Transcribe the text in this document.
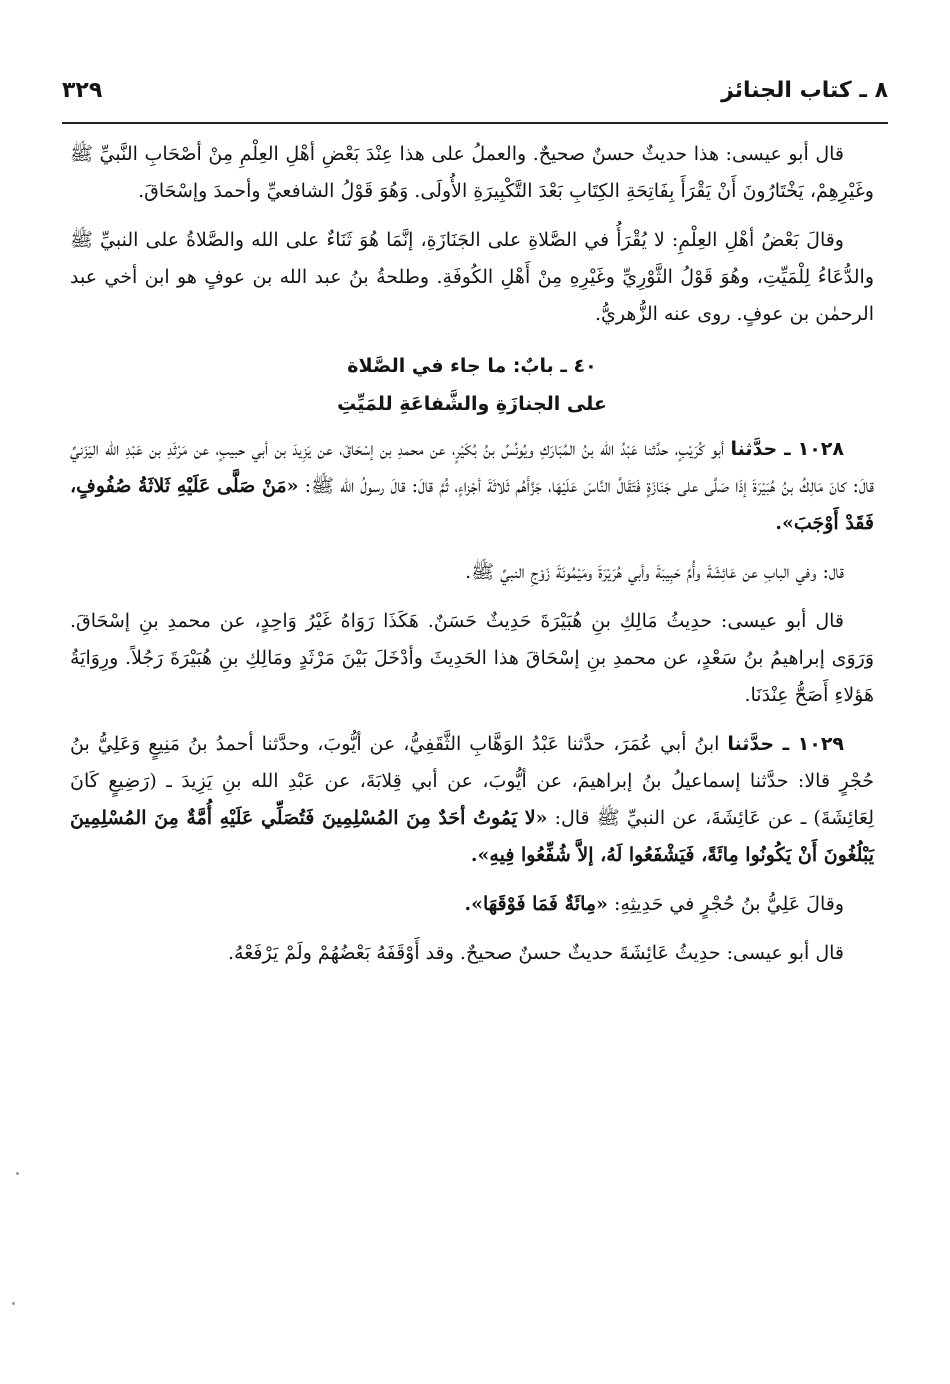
٨ ـ كتاب الجنائز
٣٢٩

قال أبو عيسى: هذا حديثٌ حسنٌ صحيحٌ. والعملُ على هذا عِنْدَ بَعْضِ أهْلِ العِلْمِ مِنْ أصْحَابِ النَّبيِّ ﷺ وغَيْرِهِمْ، يَخْتَارُونَ أَنْ يَقْرَأَ بِفَاتِحَةِ الكِتَابِ بَعْدَ التَّكْبِيرَةِ الأُولَى. وَهُوَ قَوْلُ الشافعيِّ وأحمدَ وإسْحَاقَ.

وقالَ بَعْضُ أهْلِ العِلْمِ: لا يُقْرَأُ في الصَّلاةِ على الجَنَازَةِ، إنَّمَا هُوَ ثَنَاءٌ على الله والصَّلاةُ على النبيِّ ﷺ والدُّعَاءُ لِلْمَيِّتِ، وهُوَ قَوْلُ الثَّوْرِيِّ وغَيْرِهِ مِنْ أَهْلِ الكُوفَةِ. وطلحةُ بنُ عبد الله بن عوفٍ هو ابن أخي عبد الرحمٰن بن عوفٍ. روى عنه الزُّهريُّ.

٤٠ ـ بابٌ: ما جاء في الصَّلاة
على الجنازَةِ والشَّفاعَةِ للمَيِّتِ

١٠٢٨ ـ حدَّثنا أبو كُرَيْبٍ، حدَّثنا عَبْدُ الله بنُ المُبَارَكِ ويُونُسُ بنُ بُكَيْرٍ، عن محمدِ بن إسْحَاقَ، عن يَزِيدَ بن أبي حبيبٍ، عن مَرْثَدِ بن عَبْدِ الله اليَزَنيِّ قالَ: كانَ مَالِكُ بنُ هُبَيْرَةَ إذَا صَلَّى على جَنَازَةٍ فَتَقَالَّ النَّاسَ عَلَيْهَا، جَزَّأَهُم ثَلاثَةَ أجْزاءٍ، ثُمَّ قالَ: قالَ رسولُ الله ﷺ: «مَنْ صَلَّى عَلَيْهِ ثَلاثَةُ صُفُوفٍ، فَقَدْ أَوْجَبَ».

قال: وفي البابِ عن عَائِشَةَ وأُمِّ حَبِيبَةَ وأبي هُرَيْرَةَ ومَيْمُونَةَ زَوْجِ النبيِّ ﷺ.

قال أبو عيسى: حدِيثُ مَالِكِ بنِ هُبَيْرَةَ حَدِيثٌ حَسَنٌ. هَكَذَا رَوَاهُ غَيْرُ وَاحِدٍ، عن محمدِ بنِ إسْحَاقَ. وَرَوَى إبراهيمُ بنُ سَعْدٍ، عن محمدِ بنِ إسْحَاقَ هذا الحَدِيثَ وأدْخَلَ بَيْنَ مَرْثَدٍ ومَالِكِ بنِ هُبَيْرَةَ رَجُلاً. ورِوَايَةُ هَؤلاءِ أَصَحُّ عِنْدَنَا.

١٠٢٩ ـ حدَّثنا ابنُ أبي عُمَرَ، حدَّثنا عَبْدُ الوَهَّابِ الثَّقَفِيُّ، عن أيُّوبَ، وحدَّثنا أحمدُ بنُ مَنِيعٍ وَعَلِيُّ بنُ حُجْرٍ قالا: حدَّثنا إسماعيلُ بنُ إبراهيمَ، عن أيُّوبَ، عن أبي قِلابَةَ، عن عَبْدِ الله بنِ يَزِيدَ ـ (رَضِيعٍ كَانَ لِعَائِشَةَ) ـ عن عَائِشَةَ، عن النبيِّ ﷺ قال: «لا يَمُوتُ أحَدٌ مِنَ المُسْلِمِينَ فَتُصَلِّي عَلَيْهِ أُمَّةٌ مِنَ المُسْلِمِينَ يَبْلُغُونَ أَنْ يَكُونُوا مِائَةً، فَيَشْفَعُوا لَهُ، إلاَّ شُفِّعُوا فِيهِ».

وقالَ عَلِيُّ بنُ حُجْرٍ في حَدِيثِهِ: «مِائَةٌ فَمَا فَوْقَهَا».

قال أبو عيسى: حدِيثُ عَائِشَةَ حديثٌ حسنٌ صحيحٌ. وقد أَوْقَفَهُ بَعْضُهُمْ ولَمْ يَرْفَعْهُ.
